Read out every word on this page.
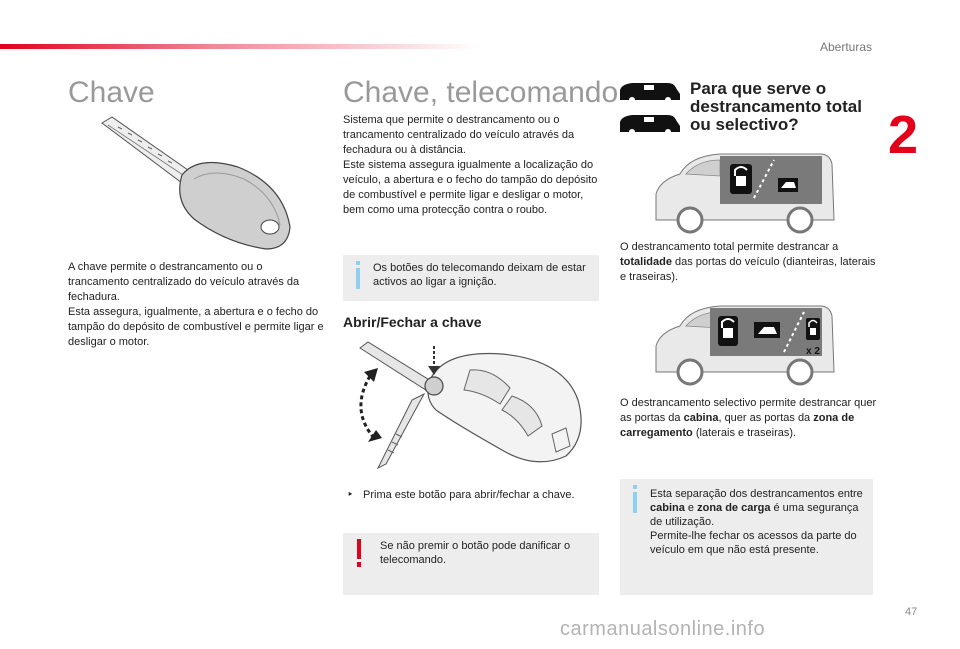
Aberturas
2
Chave

A chave permite o destrancamento ou o trancamento centralizado do veículo através da fechadura.

Esta assegura, igualmente, a abertura e o fecho do tampão do depósito de combustível e permite ligar e desligar o motor.

Chave, telecomando

Sistema que permite o destrancamento ou o trancamento centralizado do veículo através da fechadura ou à distância.

Este sistema assegura igualmente a localização do veículo, a abertura e o fecho do tampão do depósito de combustível e permite ligar e desligar o motor, bem como uma protecção contra o roubo.

Os botões do telecomando deixam de estar activos ao ligar a ignição.
Abrir/Fechar a chave
‣ Prima este botão para abrir/fechar a chave.
Se não premir o botão pode danificar o telecomando.
Para que serve o destrancamento total ou selectivo?
O destrancamento total permite destrancar a totalidade das portas do veículo (dianteiras, laterais e traseiras).
x 2
O destrancamento selectivo permite destrancar quer as portas da cabina, quer as portas da zona de carregamento (laterais e traseiras).
Esta separação dos destrancamentos entre cabina e zona de carga é uma segurança de utilização.
Permite-lhe fechar os acessos da parte do veículo em que não está presente.
47
carmanualsonline.info
